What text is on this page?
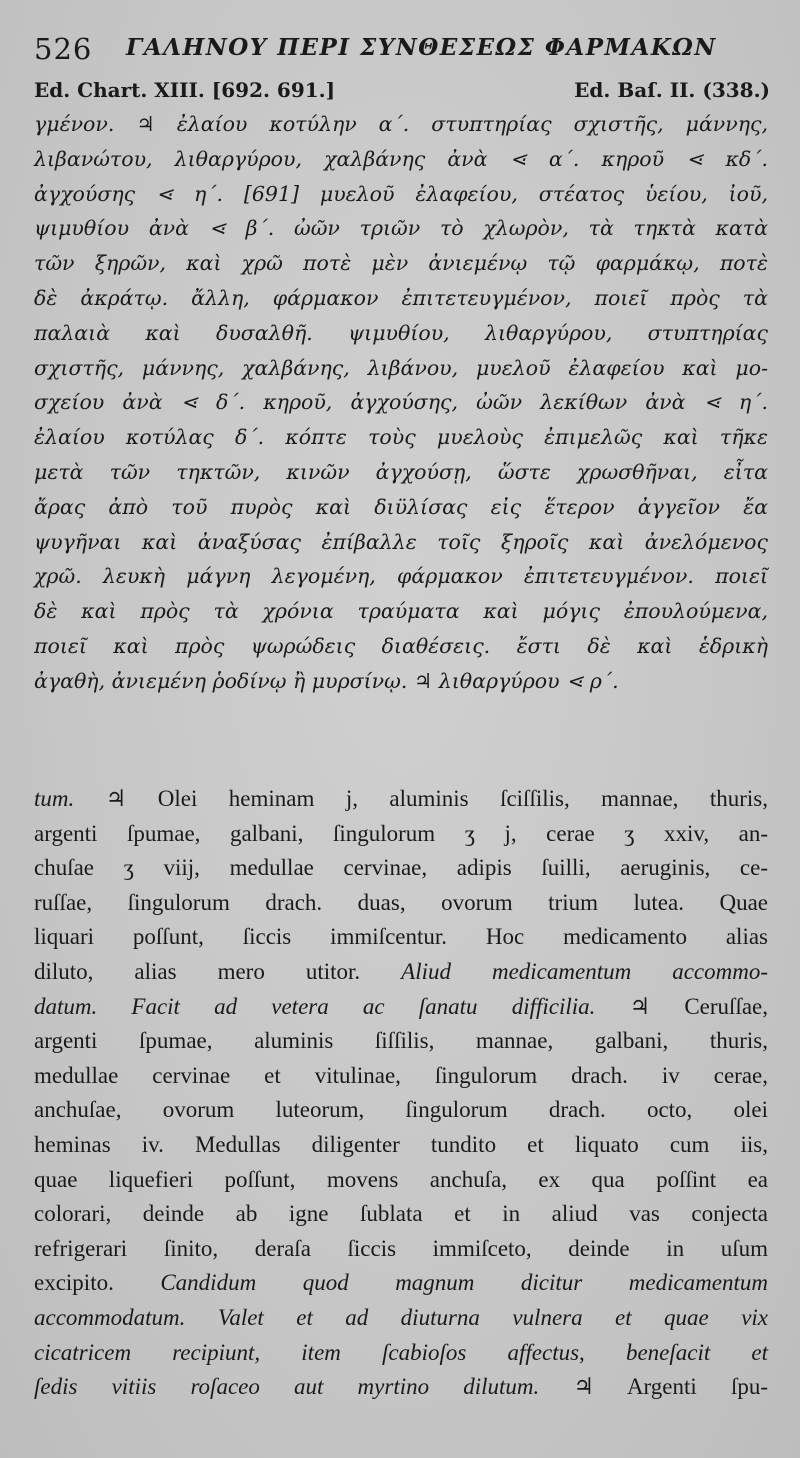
526 ΓΑΛΗΝΟΥ ΠΕΡΙ ΣΥΝΘΕΣΕΩΣ ΦΑΡΜΑΚΩΝ
Ed. Chart. XIII. [692. 691.]	Ed. Baſ. II. (338.)
γμένον. ♃ ἐλαίου κοτύλην α΄. στυπτηρίας σχιστῆς, μάννης,
λιβανώτου, λιθαργύρου, χαλβάνης ἀνὰ ⋖ α΄. κηροῦ ⋖ κδ΄.
ἀγχούσης ⋖ η΄. [691] μυελοῦ ἐλαφείου, στέατος ὑείου, ἰοῦ,
ψιμυθίου ἀνὰ ⋖ β΄. ὠῶν τριῶν τὸ χλωρὸν, τὰ τηκτὰ κατὰ
τῶν ξηρῶν, καὶ χρῶ ποτὲ μὲν ἀνιεμένῳ τῷ φαρμάκῳ, ποτὲ
δὲ ἀκράτῳ. ἄλλη, φάρμακον ἐπιτετευγμένον, ποιεῖ πρὸς τὰ
παλαιὰ καὶ δυσαλθῆ. ψιμυθίου, λιθαργύρου, στυπτηρίας
σχιστῆς, μάννης, χαλβάνης, λιβάνου, μυελοῦ ἐλαφείου καὶ μο-
σχείου ἀνὰ ⋖ δ΄. κηροῦ, ἀγχούσης, ὠῶν λεκίθων ἀνὰ ⋖ η΄.
ἐλαίου κοτύλας δ΄. κόπτε τοὺς μυελοὺς ἐπιμελῶς καὶ τῆκε
μετὰ τῶν τηκτῶν, κινῶν ἀγχούσῃ, ὥστε χρωσθῆναι, εἶτα
ἄρας ἀπὸ τοῦ πυρὸς καὶ διϋλίσας εἰς ἕτερον ἀγγεῖον ἔα
ψυγῆναι καὶ ἀναξύσας ἐπίβαλλε τοῖς ξηροῖς καὶ ἀνελόμενος
χρῶ. λευκὴ μάγνη λεγομένη, φάρμακον ἐπιτετευγμένον. ποιεῖ
δὲ καὶ πρὸς τὰ χρόνια τραύματα καὶ μόγις ἐπουλούμενα,
ποιεῖ καὶ πρὸς ψωρώδεις διαθέσεις. ἔστι δὲ καὶ ἑδρικὴ
ἀγαθὴ, ἀνιεμένη ῥοδίνῳ ἢ μυρσίνῳ. ♃ λιθαργύρου ⋖ ρ΄.
tum. ♃ Olei heminam j, aluminis ſciſſilis, mannae, thuris,
argenti ſpumae, galbani, ſingulorum ʒ j, cerae ʒ xxiv, an-
chuſae ʒ viij, medullae cervinae, adipis ſuilli, aeruginis, ce-
ruſſae, ſingulorum drach. duas, ovorum trium lutea. Quae
liquari poſſunt, ſiccis immiſcentur. Hoc medicamento alias
diluto, alias mero utitor. Aliud medicamentum accommo-
datum. Facit ad vetera ac ſanatu difficilia. ♃ Ceruſſae,
argenti ſpumae, aluminis ſiſſilis, mannae, galbani, thuris,
medullae cervinae et vitulinae, ſingulorum drach. iv cerae,
anchuſae, ovorum luteorum, ſingulorum drach. octo, olei
heminas iv. Medullas diligenter tundito et liquato cum iis,
quae liquefieri poſſunt, movens anchuſa, ex qua poſſint ea
colorari, deinde ab igne ſublata et in aliud vas conjecta
refrigerari ſinito, deraſa ſiccis immiſceto, deinde in uſum
excipito. Candidum quod magnum dicitur medicamentum
accommodatum. Valet et ad diuturna vulnera et quae vix
cicatricem recipiunt, item ſcabioſos affectus, beneſacit et
ſedis vitiis roſaceo aut myrtino dilutum. ♃ Argenti ſpu-
